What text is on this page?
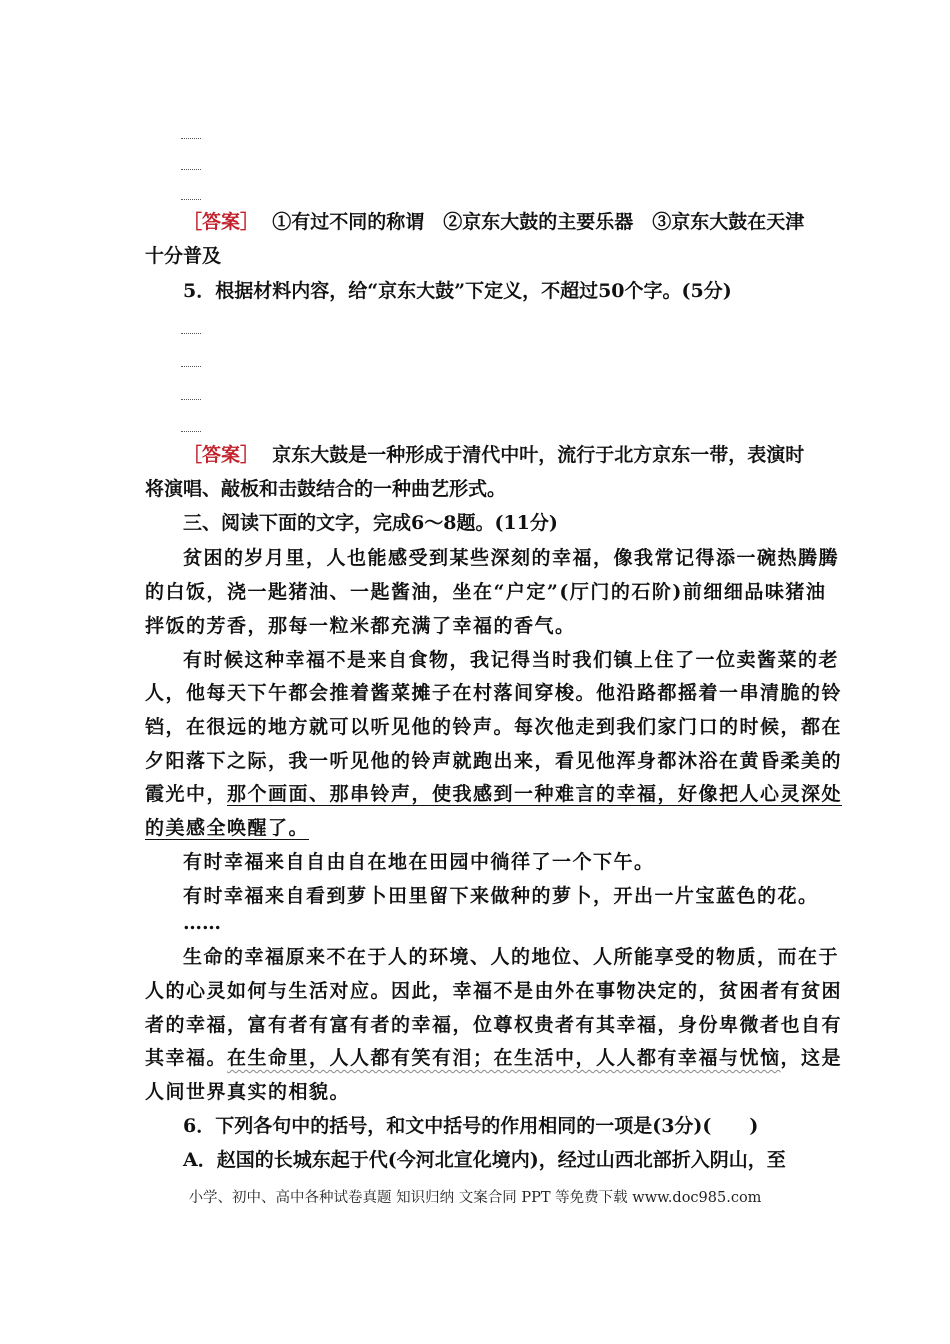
［答案］ ①有过不同的称谓　②京东大鼓的主要乐器　③京东大鼓在天津
十分普及
5．根据材料内容，给“京东大鼓”下定义，不超过50个字。(5分)
［答案］ 京东大鼓是一种形成于清代中叶，流行于北方京东一带，表演时
将演唱、敲板和击鼓结合的一种曲艺形式。
三、阅读下面的文字，完成6～8题。(11分)
贫困的岁月里，人也能感受到某些深刻的幸福，像我常记得添一碗热腾腾
的白饭，浇一匙猪油、一匙酱油，坐在“户定”(厅门的石阶)前细细品味猪油
拌饭的芳香，那每一粒米都充满了幸福的香气。
有时候这种幸福不是来自食物，我记得当时我们镇上住了一位卖酱菜的老
人，他每天下午都会推着酱菜摊子在村落间穿梭。他沿路都摇着一串清脆的铃
铛，在很远的地方就可以听见他的铃声。每次他走到我们家门口的时候，都在
夕阳落下之际，我一听见他的铃声就跑出来，看见他浑身都沐浴在黄昏柔美的
霞光中，那个画面、那串铃声，使我感到一种难言的幸福，好像把人心灵深处
的美感全唤醒了。
有时幸福来自自由自在地在田园中徜徉了一个下午。
有时幸福来自看到萝卜田里留下来做种的萝卜，开出一片宝蓝色的花。
……
生命的幸福原来不在于人的环境、人的地位、人所能享受的物质，而在于
人的心灵如何与生活对应。因此，幸福不是由外在事物决定的，贫困者有贫困
者的幸福，富有者有富有者的幸福，位尊权贵者有其幸福，身份卑微者也自有
其幸福。在生命里，人人都有笑有泪；在生活中，人人都有幸福与忧恼，这是
人间世界真实的相貌。
6．下列各句中的括号，和文中括号的作用相同的一项是(3分)(　　)
A．赵国的长城东起于代(今河北宣化境内)，经过山西北部折入阴山，至
小学、初中、高中各种试卷真题 知识归纳 文案合同 PPT 等免费下载 www.doc985.com
